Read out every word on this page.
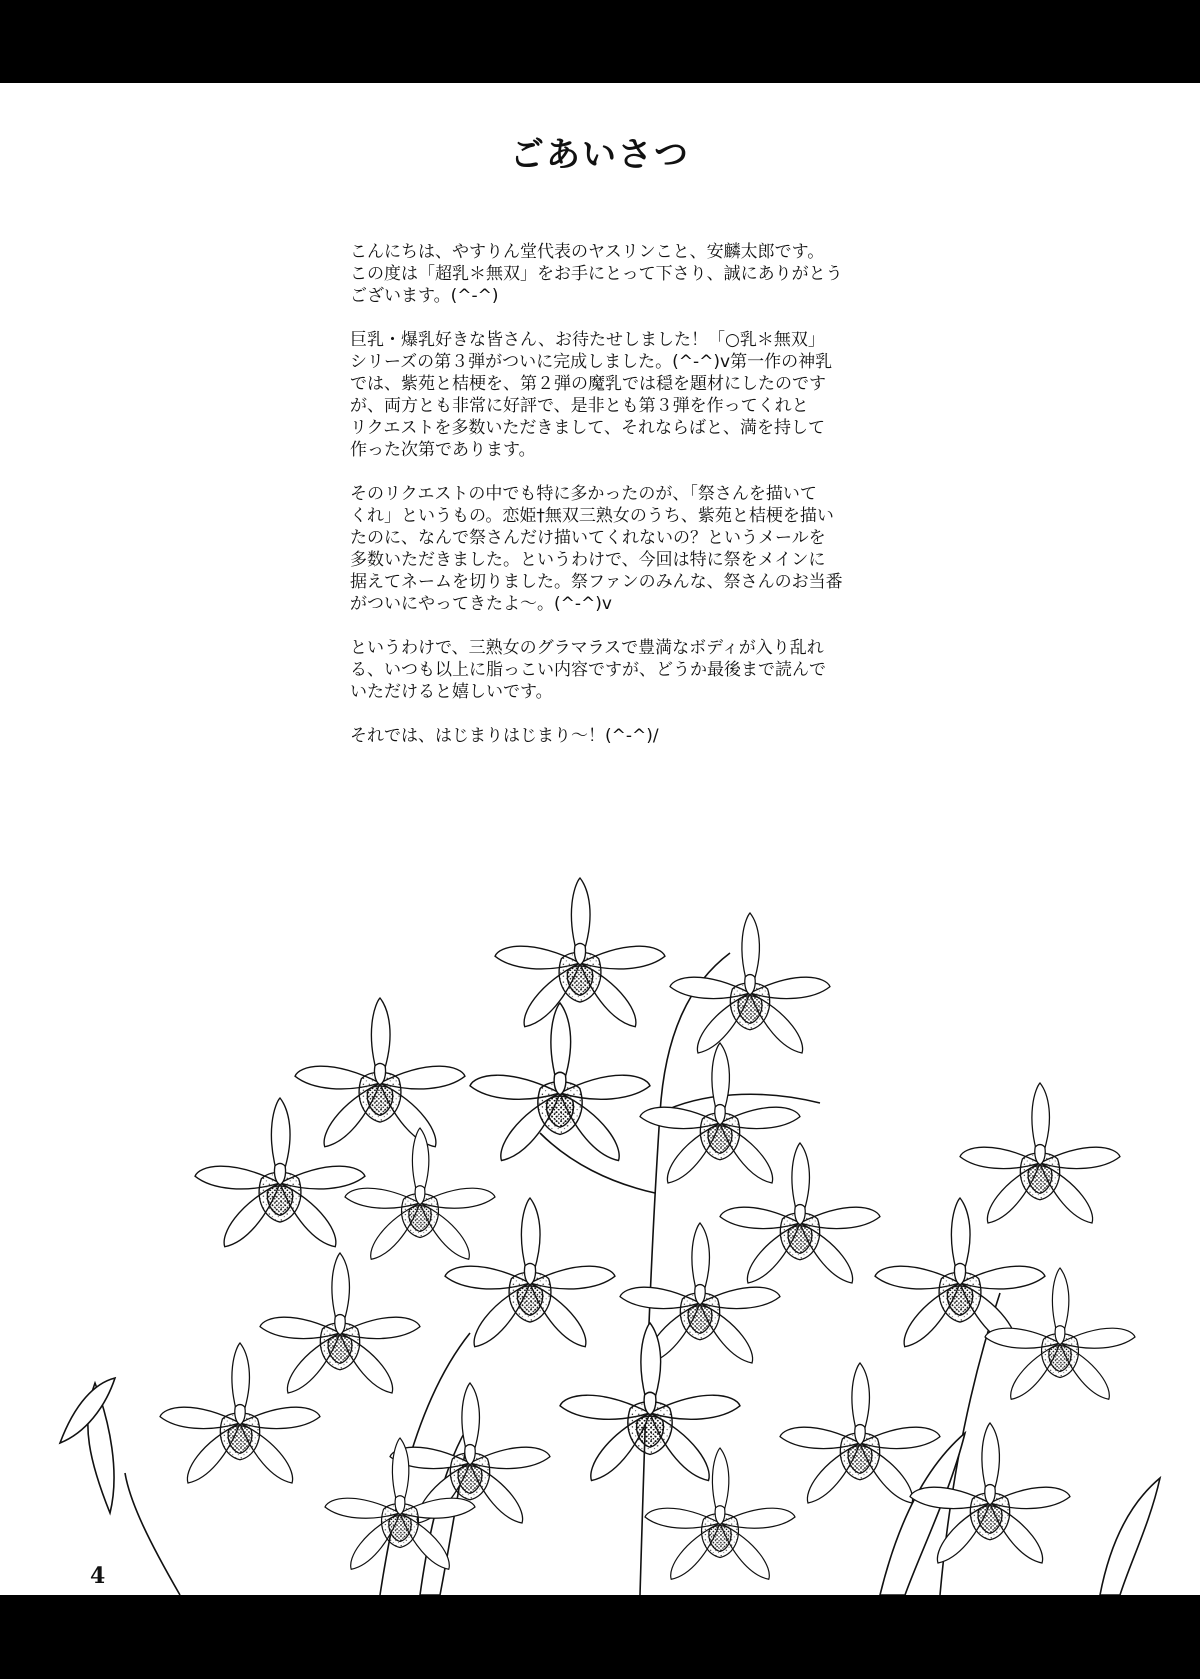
ごあいさつ
こんにちは、やすりん堂代表のヤスリンこと、安麟太郎です。
この度は「超乳＊無双」をお手にとって下さり、誠にありがとう
ございます。(^-^)
巨乳・爆乳好きな皆さん、お待たせしました！「○乳＊無双」
シリーズの第３弾がついに完成しました。(^-^)v第一作の神乳
では、紫苑と桔梗を、第２弾の魔乳では穏を題材にしたのです
が、両方とも非常に好評で、是非とも第３弾を作ってくれと
リクエストを多数いただきまして、それならばと、満を持して
作った次第であります。
そのリクエストの中でも特に多かったのが、「祭さんを描いて
くれ」というもの。恋姫†無双三熟女のうち、紫苑と桔梗を描い
たのに、なんで祭さんだけ描いてくれないの？というメールを
多数いただきました。というわけで、今回は特に祭をメインに
据えてネームを切りました。祭ファンのみんな、祭さんのお当番
がついにやってきたよ～。(^-^)v
というわけで、三熟女のグラマラスで豊満なボディが入り乱れ
る、いつも以上に脂っこい内容ですが、どうか最後まで読んで
いただけると嬉しいです。
それでは、はじまりはじまり～！(^-^)/
4
